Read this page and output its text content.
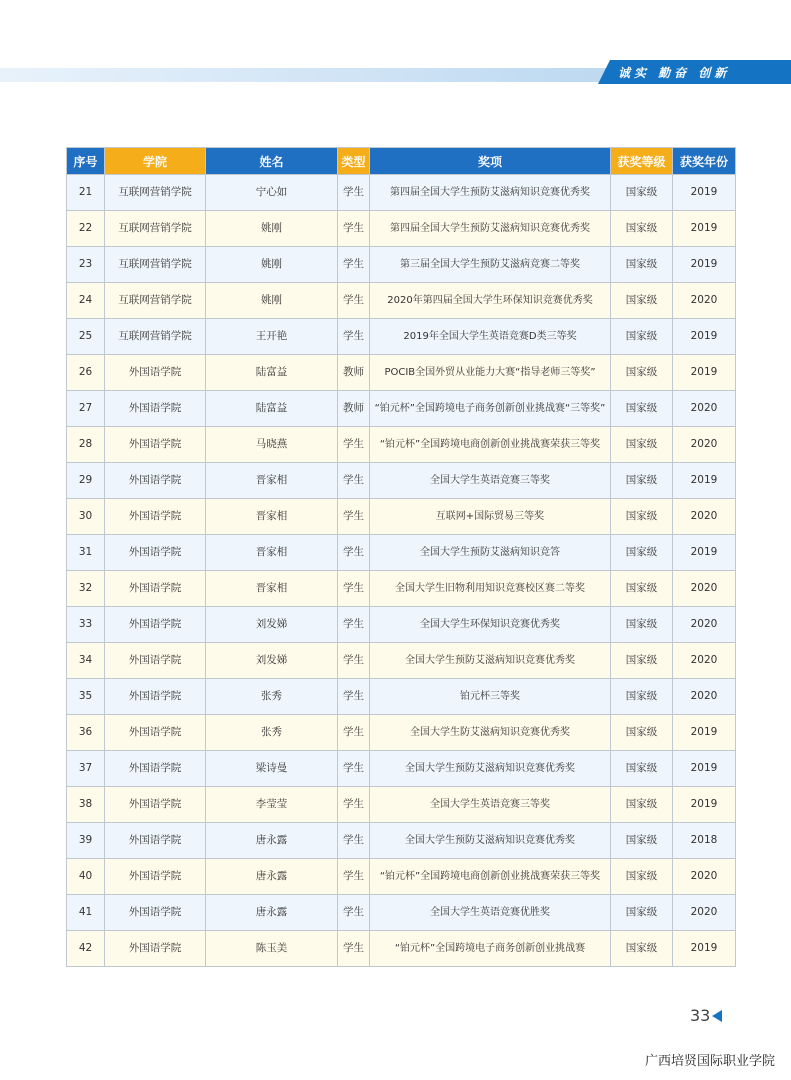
诚实 勤奋 创新
序号	学院	姓名	类型	奖项	获奖等级	获奖年份
21	互联网营销学院	宁心如	学生	第四届全国大学生预防艾滋病知识竞赛优秀奖	国家级	2019
22	互联网营销学院	姚刚	学生	第四届全国大学生预防艾滋病知识竞赛优秀奖	国家级	2019
23	互联网营销学院	姚刚	学生	第三届全国大学生预防艾滋病竞赛二等奖	国家级	2019
24	互联网营销学院	姚刚	学生	2020年第四届全国大学生环保知识竞赛优秀奖	国家级	2020
25	互联网营销学院	王开艳	学生	2019年全国大学生英语竞赛D类三等奖	国家级	2019
26	外国语学院	陆富益	教师	POCIB全国外贸从业能力大赛“指导老师三等奖”	国家级	2019
27	外国语学院	陆富益	教师	“铂元杯”全国跨境电子商务创新创业挑战赛“三等奖”	国家级	2020
28	外国语学院	马晓燕	学生	“铂元杯”全国跨境电商创新创业挑战赛荣获三等奖	国家级	2020
29	外国语学院	晋家相	学生	全国大学生英语竞赛三等奖	国家级	2019
30	外国语学院	晋家相	学生	互联网+国际贸易三等奖	国家级	2020
31	外国语学院	晋家相	学生	全国大学生预防艾滋病知识竞答	国家级	2019
32	外国语学院	晋家相	学生	全国大学生旧物利用知识竞赛校区赛二等奖	国家级	2020
33	外国语学院	刘发娣	学生	全国大学生环保知识竞赛优秀奖	国家级	2020
34	外国语学院	刘发娣	学生	全国大学生预防艾滋病知识竞赛优秀奖	国家级	2020
35	外国语学院	张秀	学生	铂元杯三等奖	国家级	2020
36	外国语学院	张秀	学生	全国大学生防艾滋病知识竞赛优秀奖	国家级	2019
37	外国语学院	梁诗曼	学生	全国大学生预防艾滋病知识竞赛优秀奖	国家级	2019
38	外国语学院	李莹莹	学生	全国大学生英语竞赛三等奖	国家级	2019
39	外国语学院	唐永露	学生	全国大学生预防艾滋病知识竞赛优秀奖	国家级	2018
40	外国语学院	唐永露	学生	“铂元杯”全国跨境电商创新创业挑战赛荣获三等奖	国家级	2020
41	外国语学院	唐永露	学生	全国大学生英语竞赛优胜奖	国家级	2020
42	外国语学院	陈玉美	学生	“铂元杯”全国跨境电子商务创新创业挑战赛	国家级	2019
33
广西培贤国际职业学院
